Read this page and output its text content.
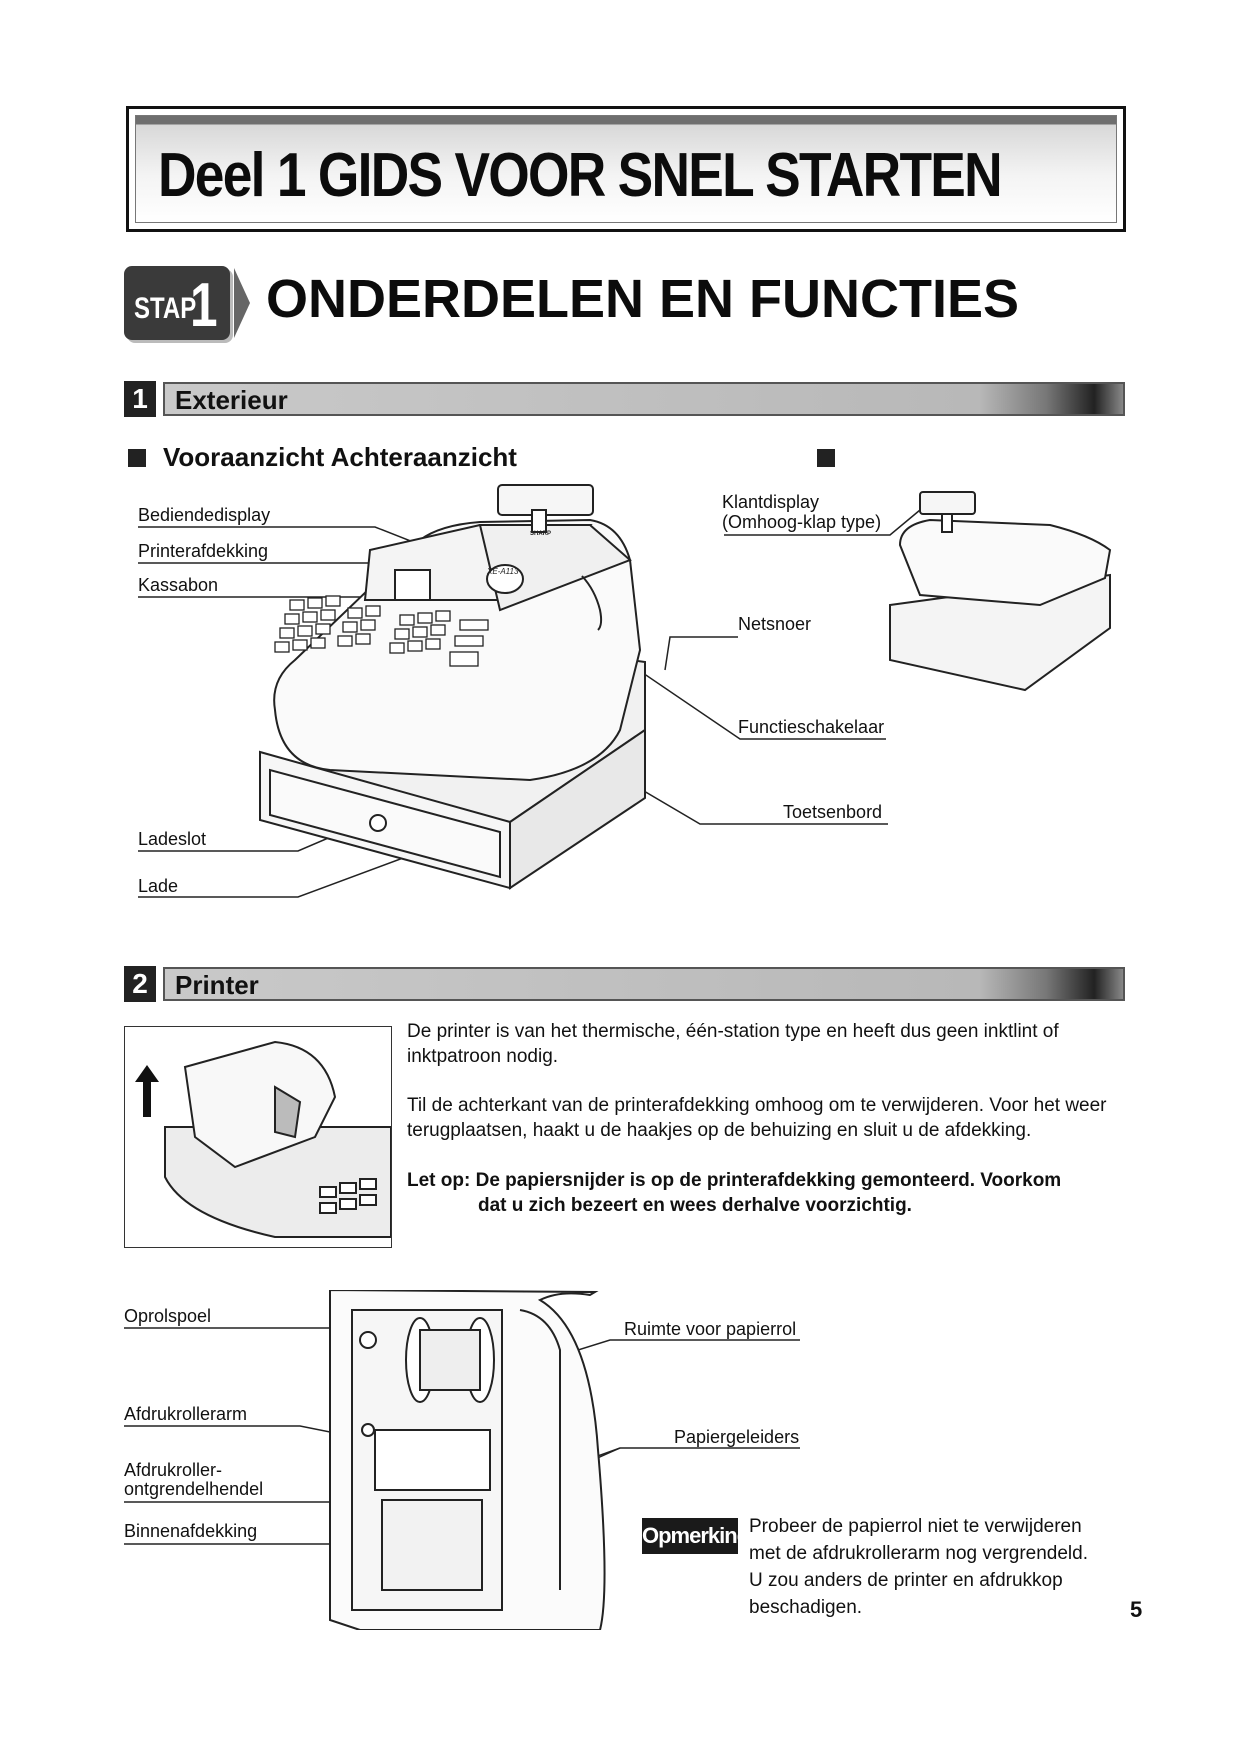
Deel 1 GIDS VOOR SNEL STARTEN
STAP
1 ONDERDELEN EN FUNCTIES
1	Exterieur
Vooraanzicht Achteraanzicht
Bediendedisplay
Printerafdekking
Kassabon
Ladeslot
Lade
Klantdisplay
(Omhoog-klap type)
Netsnoer
Functieschakelaar
Toetsenbord
XE-A113
SHARP
2	Printer
De printer is van het thermische, één-station type en heeft dus geen inktlint of inktpatroon nodig.
Til de achterkant van de printerafdekking omhoog om te verwijderen. Voor het weer terugplaatsen, haakt u de haakjes op de behuizing en sluit u de afdekking.
Let op: De papiersnijder is op de printerafdekking gemonteerd. Voorkom
dat u zich bezeert en wees derhalve voorzichtig.
Oprolspoel
Afdrukrollerarm
Afdrukroller-
ontgrendelhendel
Binnenafdekking
Ruimte voor papierrol
Papiergeleiders
Opmerking Probeer de papierrol niet te verwijderen
met de afdrukrollerarm nog vergrendeld.
U zou anders de printer en afdrukkop
beschadigen.	5
